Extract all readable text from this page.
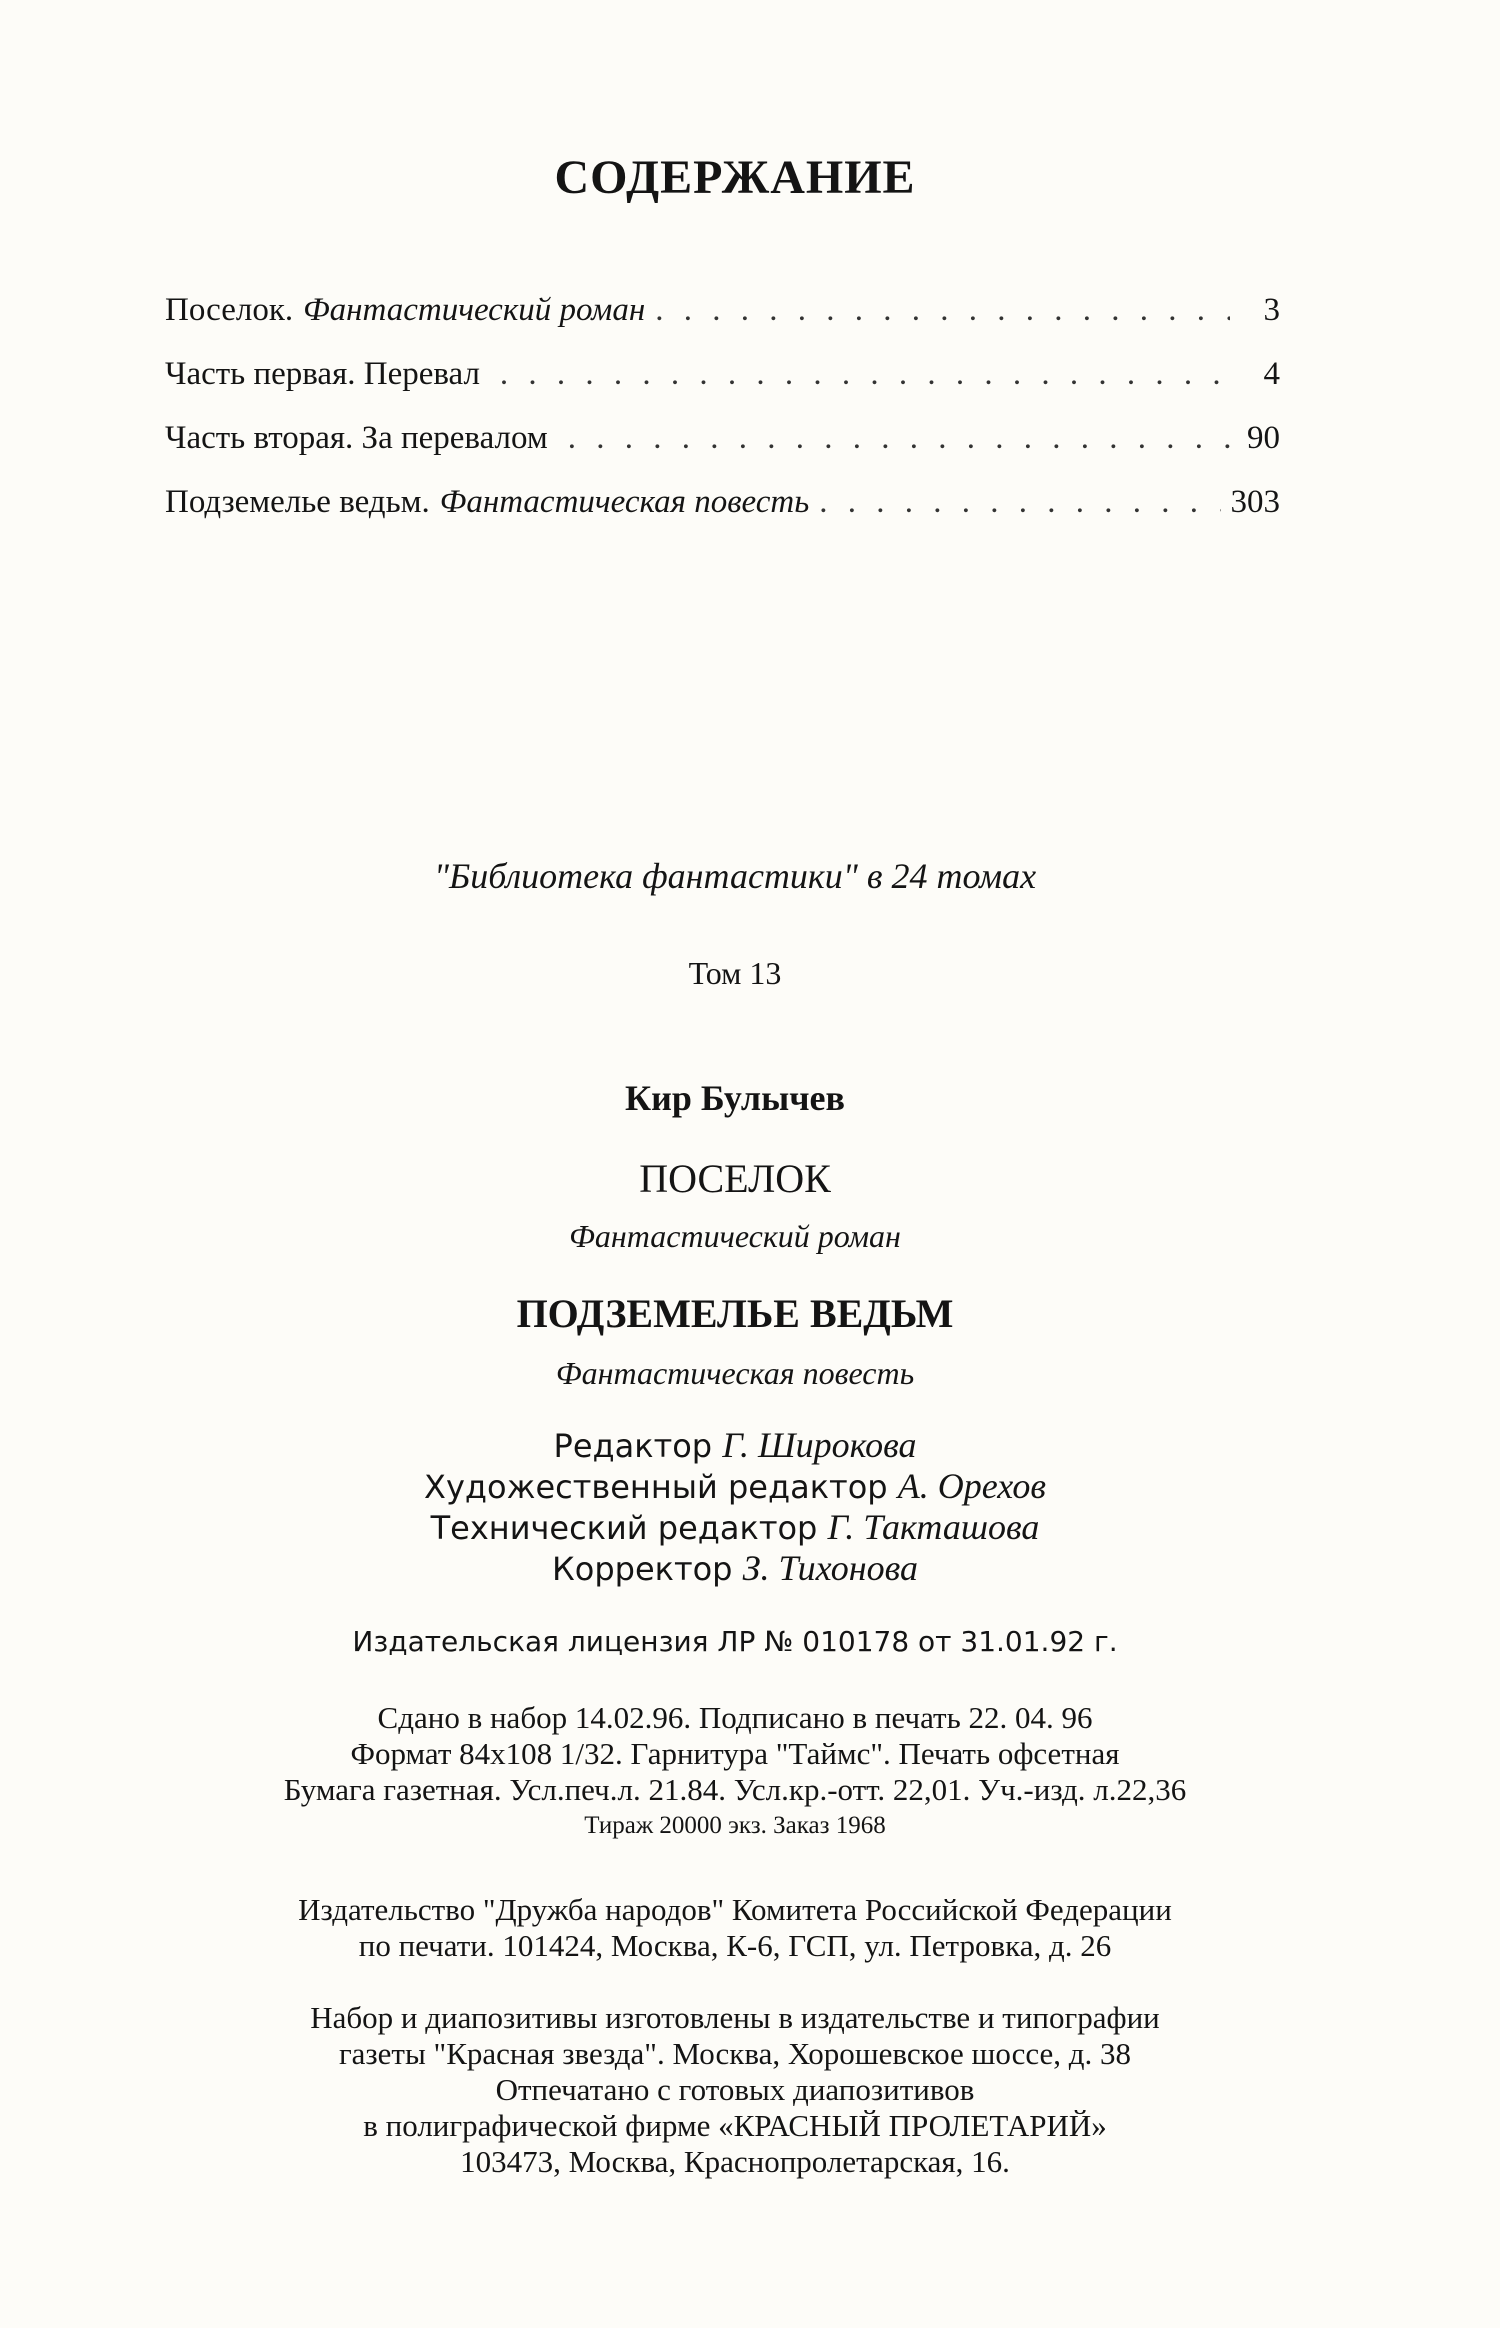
СОДЕРЖАНИЕ
Поселок. Фантастический роман . . .	3
Часть первая. Перевал . . .	4
Часть вторая. За перевалом . . .	90
Подземелье ведьм. Фантастическая повесть . . .	303
"Библиотека фантастики" в 24 томах
Том 13
Кир Булычев
ПОСЕЛОК
Фантастический роман
ПОДЗЕМЕЛЬЕ ВЕДЬМ
Фантастическая повесть
Редактор Г. Широкова
Художественный редактор А. Орехов
Технический редактор Г. Такташова
Корректор З. Тихонова
Издательская лицензия ЛР № 010178 от 31.01.92 г.
Сдано в набор 14.02.96. Подписано в печать 22. 04. 96
Формат 84x108 1/32. Гарнитура "Таймс". Печать офсетная
Бумага газетная. Усл.печ.л. 21.84. Усл.кр.-отт. 22,01. Уч.-изд. л.22,36
Тираж 20000 экз. Заказ 1968
Издательство "Дружба народов" Комитета Российской Федерации
по печати. 101424, Москва, К-6, ГСП, ул. Петровка, д. 26
Набор и диапозитивы изготовлены в издательстве и типографии
газеты "Красная звезда". Москва, Хорошевское шоссе, д. 38
Отпечатано с готовых диапозитивов
в полиграфической фирме «КРАСНЫЙ ПРОЛЕТАРИЙ»
103473, Москва, Краснопролетарская, 16.
